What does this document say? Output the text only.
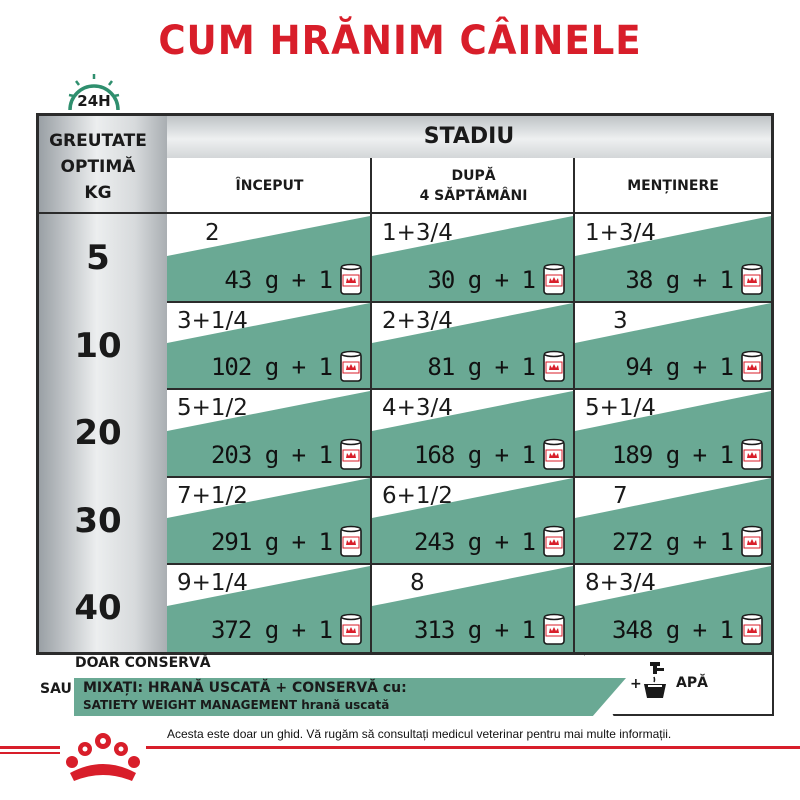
CUM HRĂNIM CÂINELE
24H
GREUTATE
OPTIMĂ
KG
STADIU
ÎNCEPUT
DUPĂ
4 SĂPTĂMÂNI
MENȚINERE
5
2
43 g + 1
1+3/4
30 g + 1
1+3/4
38 g + 1
10
3+1/4
102 g + 1
2+3/4
81 g + 1
3
94 g + 1
20
5+1/2
203 g + 1
4+3/4
168 g + 1
5+1/4
189 g + 1
30
7+1/2
291 g + 1
6+1/2
243 g + 1
7
272 g + 1
40
9+1/4
372 g + 1
8
313 g + 1
8+3/4
348 g + 1
DOAR CONSERVĂ
SAU MIXAȚI: HRANĂ USCATĂ + CONSERVĂ cu:
SATIETY WEIGHT MANAGEMENT hrană uscată
+ APĂ
Acesta este doar un ghid. Vă rugăm să consultați medicul veterinar pentru mai multe informații.
